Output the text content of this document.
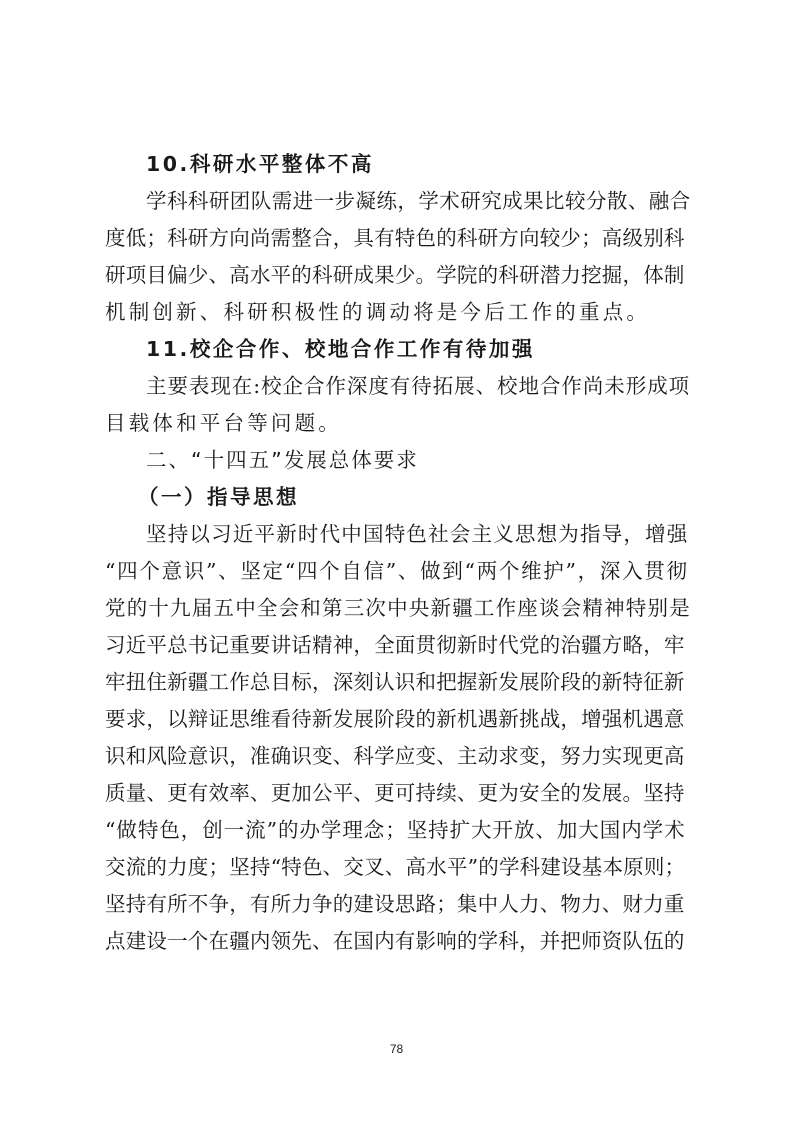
10.科研水平整体不高
学科科研团队需进一步凝练，学术研究成果比较分散、融合
度低；科研方向尚需整合，具有特色的科研方向较少；高级别科
研项目偏少、高水平的科研成果少。学院的科研潜力挖掘，体制
机制创新、科研积极性的调动将是今后工作的重点。
11.校企合作、校地合作工作有待加强
主要表现在:校企合作深度有待拓展、校地合作尚未形成项
目载体和平台等问题。
二、“十四五”发展总体要求
（一）指导思想
坚持以习近平新时代中国特色社会主义思想为指导，增强
“四个意识”、坚定“四个自信”、做到“两个维护”，深入贯彻
党的十九届五中全会和第三次中央新疆工作座谈会精神特别是
习近平总书记重要讲话精神，全面贯彻新时代党的治疆方略，牢
牢扭住新疆工作总目标，深刻认识和把握新发展阶段的新特征新
要求，以辩证思维看待新发展阶段的新机遇新挑战，增强机遇意
识和风险意识，准确识变、科学应变、主动求变，努力实现更高
质量、更有效率、更加公平、更可持续、更为安全的发展。坚持
“做特色，创一流”的办学理念；坚持扩大开放、加大国内学术
交流的力度；坚持“特色、交叉、高水平”的学科建设基本原则；
坚持有所不争，有所力争的建设思路；集中人力、物力、财力重
点建设一个在疆内领先、在国内有影响的学科，并把师资队伍的
78
